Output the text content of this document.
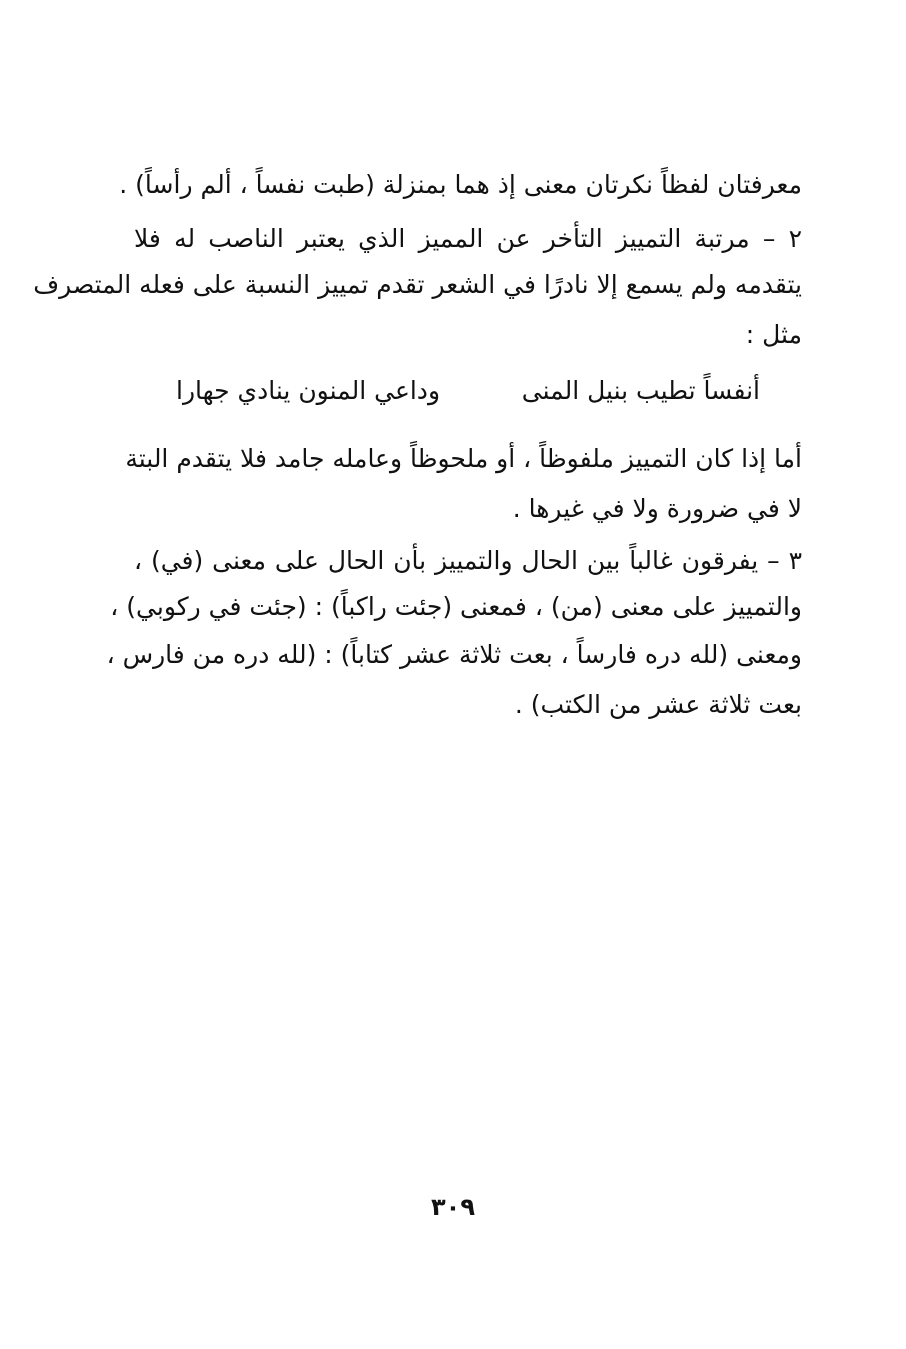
معرفتان لفظاً نكرتان معنى إذ هما بمنزلة (طبت نفساً ، ألم رأساً) .
٢ – مرتبة التمييز التأخر عن المميز الذي يعتبر الناصب له فلا
يتقدمه ولم يسمع إلا نادرًا في الشعر تقدم تمييز النسبة على فعله المتصرف
مثل :
أنفساً تطيب بنيل المنى
وداعي المنون ينادي جهارا
أما إذا كان التمييز ملفوظاً ، أو ملحوظاً وعامله جامد فلا يتقدم البتة
لا في ضرورة ولا في غيرها .
٣ – يفرقون غالباً بين الحال والتمييز بأن الحال على معنى (في) ،
والتمييز على معنى (من) ، فمعنى (جئت راكباً) : (جئت في ركوبي) ،
ومعنى (لله دره فارساً ، بعت ثلاثة عشر كتاباً) : (لله دره من فارس ،
بعت ثلاثة عشر من الكتب) .
٣٠٩
